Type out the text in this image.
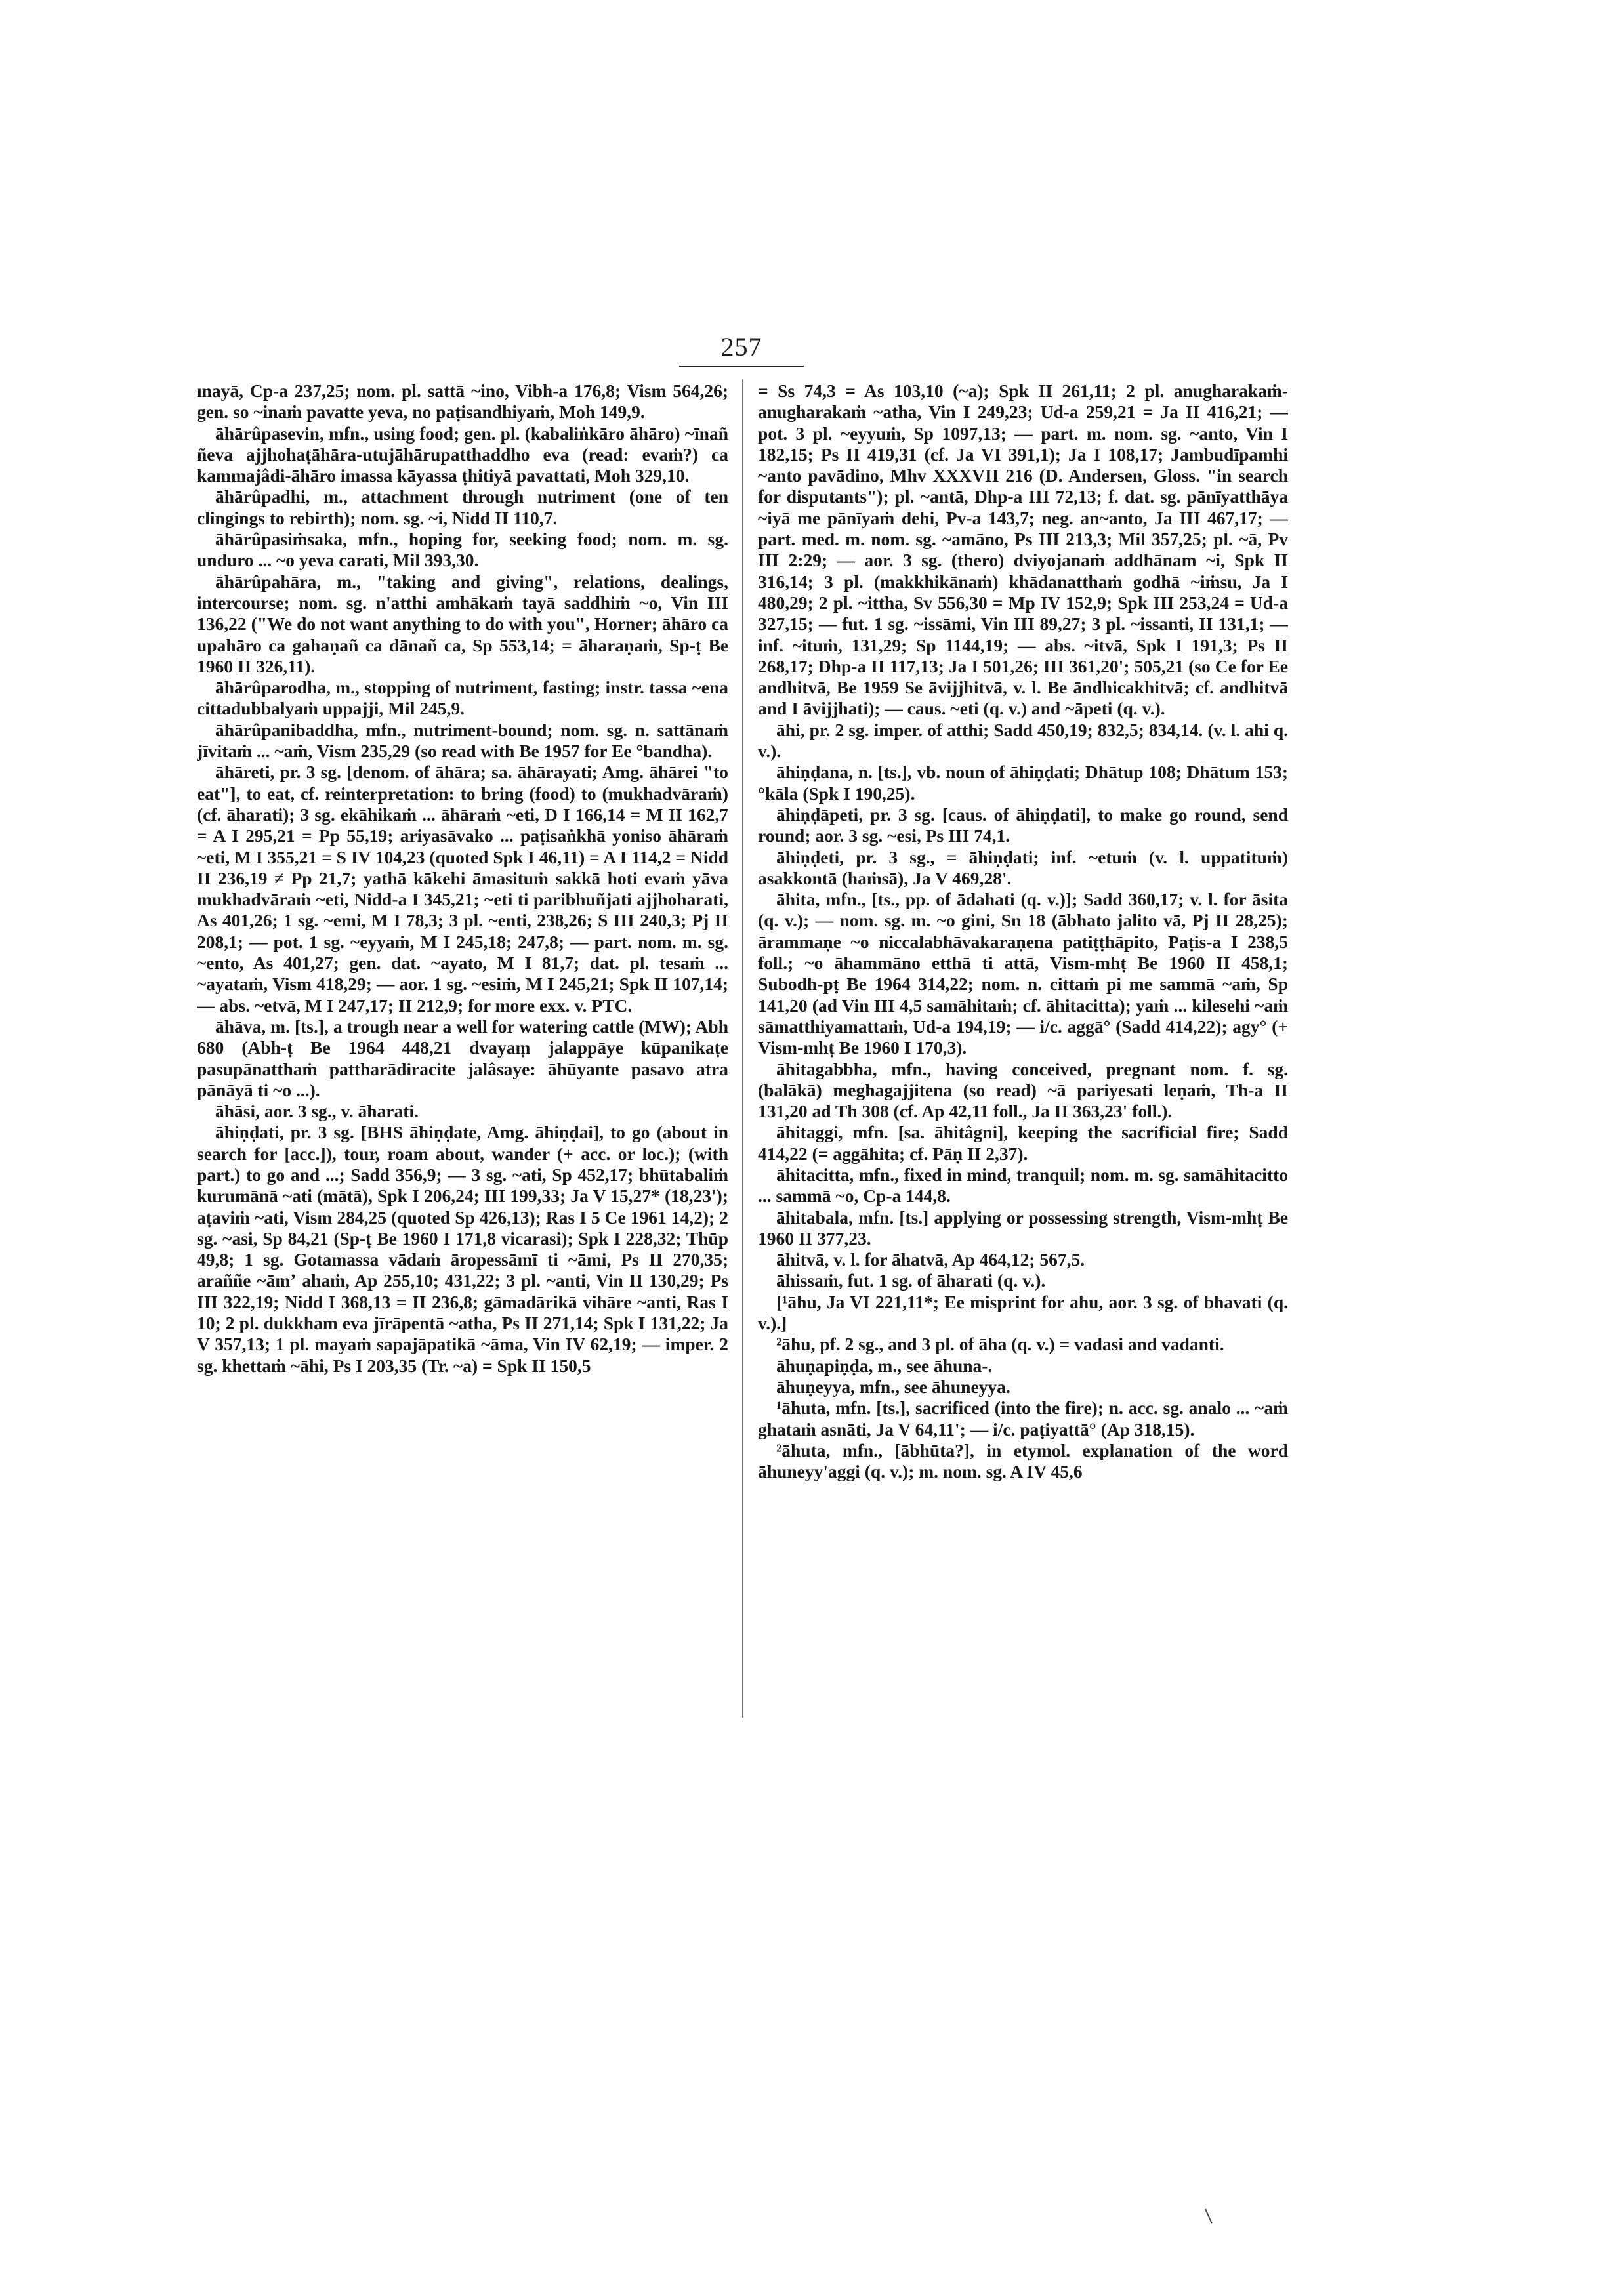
257

ınayā, Cp-a 237,25; nom. pl. sattā ~ino, Vibh-a 176,8; Vism 564,26; gen. so ~inaṁ pavatte yeva, no paṭisandhiyaṁ, Moh 149,9.

āhārûpasevin, mfn., using food; gen. pl. (kabaliṅkāro āhāro) ~īnañ ñeva ajjhohaṭāhāra-utujāhārupatthaddho eva (read: evaṁ?) ca kammajâdi-āhāro imassa kāyassa ṭhitiyā pavattati, Moh 329,10.

āhārûpadhi, m., attachment through nutriment (one of ten clingings to rebirth); nom. sg. ~i, Nidd II 110,7.

āhārûpasiṁsaka, mfn., hoping for, seeking food; nom. m. sg. unduro ... ~o yeva carati, Mil 393,30.

āhārûpahāra, m., "taking and giving", relations, dealings, intercourse; nom. sg. n'atthi amhākaṁ tayā saddhiṁ ~o, Vin III 136,22 ("We do not want anything to do with you", Horner; āhāro ca upahāro ca gahaṇañ ca dānañ ca, Sp 553,14; = āharaṇaṁ, Sp-ṭ Be 1960 II 326,11).

āhārûparodha, m., stopping of nutriment, fasting; instr. tassa ~ena cittadubbalyaṁ uppajji, Mil 245,9.

āhārûpanibaddha, mfn., nutriment-bound; nom. sg. n. sattānaṁ jīvitaṁ ... ~aṁ, Vism 235,29 (so read with Be 1957 for Ee °bandha).

āhāreti, pr. 3 sg. [denom. of āhāra; sa. āhārayati; Amg. āhārei "to eat"], to eat, cf. reinterpretation: to bring (food) to (mukhadvāraṁ) (cf. āharati); 3 sg. ekāhikaṁ ... āhāraṁ ~eti, D I 166,14 = M II 162,7 = A I 295,21 = Pp 55,19; ariyasāvako ... paṭisaṅkhā yoniso āhāraṁ ~eti, M I 355,21 = S IV 104,23 (quoted Spk I 46,11) = A I 114,2 = Nidd II 236,19 ≠ Pp 21,7; yathā kākehi āmasituṁ sakkā hoti evaṁ yāva mukhadvāraṁ ~eti, Nidd-a I 345,21; ~eti ti paribhuñjati ajjhoharati, As 401,26; 1 sg. ~emi, M I 78,3; 3 pl. ~enti, 238,26; S III 240,3; Pj II 208,1; — pot. 1 sg. ~eyyaṁ, M I 245,18; 247,8; — part. nom. m. sg. ~ento, As 401,27; gen. dat. ~ayato, M I 81,7; dat. pl. tesaṁ ... ~ayataṁ, Vism 418,29; — aor. 1 sg. ~esiṁ, M I 245,21; Spk II 107,14; — abs. ~etvā, M I 247,17; II 212,9; for more exx. v. PTC.

āhāva, m. [ts.], a trough near a well for watering cattle (MW); Abh 680 (Abh-ṭ Be 1964 448,21 dvayaṃ jalappāye kūpanikaṭe pasupānatthaṁ pattharādiracite jalâsaye: āhūyante pasavo atra pānāyā ti ~o ...).

āhāsi, aor. 3 sg., v. āharati.

āhiṇḍati, pr. 3 sg. [BHS āhiṇḍate, Amg. āhiṇḍai], to go (about in search for [acc.]), tour, roam about, wander (+ acc. or loc.); (with part.) to go and ...; Sadd 356,9; — 3 sg. ~ati, Sp 452,17; bhūtabaliṁ kurumānā ~ati (mātā), Spk I 206,24; III 199,33; Ja V 15,27* (18,23'); aṭaviṁ ~ati, Vism 284,25 (quoted Sp 426,13); Ras I 5 Ce 1961 14,2); 2 sg. ~asi, Sp 84,21 (Sp-ṭ Be 1960 I 171,8 vicarasi); Spk I 228,32; Thūp 49,8; 1 sg. Gotamassa vādaṁ āropessāmī ti ~āmi, Ps II 270,35; araññe ~āmʼ ahaṁ, Ap 255,10; 431,22; 3 pl. ~anti, Vin II 130,29; Ps III 322,19; Nidd I 368,13 = II 236,8; gāmadārikā vihāre ~anti, Ras I 10; 2 pl. dukkham eva jīrāpentā ~atha, Ps II 271,14; Spk I 131,22; Ja V 357,13; 1 pl. mayaṁ sapajāpatikā ~āma, Vin IV 62,19; — imper. 2 sg. khettaṁ ~āhi, Ps I 203,35 (Tr. ~a) = Spk II 150,5

= Ss 74,3 = As 103,10 (~a); Spk II 261,11; 2 pl. anugharakaṁ-anugharakaṁ ~atha, Vin I 249,23; Ud-a 259,21 = Ja II 416,21; — pot. 3 pl. ~eyyuṁ, Sp 1097,13; — part. m. nom. sg. ~anto, Vin I 182,15; Ps II 419,31 (cf. Ja VI 391,1); Ja I 108,17; Jambudīpamhi ~anto pavādino, Mhv XXXVII 216 (D. Andersen, Gloss. "in search for disputants"); pl. ~antā, Dhp-a III 72,13; f. dat. sg. pānīyatthāya ~iyā me pānīyaṁ dehi, Pv-a 143,7; neg. an~anto, Ja III 467,17; — part. med. m. nom. sg. ~amāno, Ps III 213,3; Mil 357,25; pl. ~ā, Pv III 2:29; — aor. 3 sg. (thero) dviyojanaṁ addhānam ~i, Spk II 316,14; 3 pl. (makkhikānaṁ) khādanatthaṁ godhā ~iṁsu, Ja I 480,29; 2 pl. ~ittha, Sv 556,30 = Mp IV 152,9; Spk III 253,24 = Ud-a 327,15; — fut. 1 sg. ~issāmi, Vin III 89,27; 3 pl. ~issanti, II 131,1; — inf. ~ituṁ, 131,29; Sp 1144,19; — abs. ~itvā, Spk I 191,3; Ps II 268,17; Dhp-a II 117,13; Ja I 501,26; III 361,20'; 505,21 (so Ce for Ee andhitvā, Be 1959 Se āvijjhitvā, v. l. Be āndhicakhitvā; cf. andhitvā and I āvijjhati); — caus. ~eti (q. v.) and ~āpeti (q. v.).

āhi, pr. 2 sg. imper. of atthi; Sadd 450,19; 832,5; 834,14. (v. l. ahi q. v.).

āhiṇḍana, n. [ts.], vb. noun of āhiṇḍati; Dhātup 108; Dhātum 153; °kāla (Spk I 190,25).

āhiṇḍāpeti, pr. 3 sg. [caus. of āhiṇḍati], to make go round, send round; aor. 3 sg. ~esi, Ps III 74,1.

āhiṇḍeti, pr. 3 sg., = āhiṇḍati; inf. ~etuṁ (v. l. uppatituṁ) asakkontā (haṁsā), Ja V 469,28'.

āhita, mfn., [ts., pp. of ādahati (q. v.)]; Sadd 360,17; v. l. for āsita (q. v.); — nom. sg. m. ~o gini, Sn 18 (ābhato jalito vā, Pj II 28,25); ārammaṇe ~o niccalabhāvakaraṇena patiṭṭhāpito, Paṭis-a I 238,5 foll.; ~o āhammāno etthā ti attā, Vism-mhṭ Be 1960 II 458,1; Subodh-pṭ Be 1964 314,22; nom. n. cittaṁ pi me sammā ~aṁ, Sp 141,20 (ad Vin III 4,5 samāhitaṁ; cf. āhitacitta); yaṁ ... kilesehi ~aṁ sāmatthiyamattaṁ, Ud-a 194,19; — i/c. aggā° (Sadd 414,22); agy° (+ Vism-mhṭ Be 1960 I 170,3).

āhitagabbha, mfn., having conceived, pregnant nom. f. sg. (balākā) meghagajjitena (so read) ~ā pariyesati leṇaṁ, Th-a II 131,20 ad Th 308 (cf. Ap 42,11 foll., Ja II 363,23' foll.).

āhitaggi, mfn. [sa. āhitâgni], keeping the sacrificial fire; Sadd 414,22 (= aggāhita; cf. Pāṇ II 2,37).

āhitacitta, mfn., fixed in mind, tranquil; nom. m. sg. samāhitacitto ... sammā ~o, Cp-a 144,8.

āhitabala, mfn. [ts.] applying or possessing strength, Vism-mhṭ Be 1960 II 377,23.

āhitvā, v. l. for āhatvā, Ap 464,12; 567,5.

āhissaṁ, fut. 1 sg. of āharati (q. v.).

[¹āhu, Ja VI 221,11*; Ee misprint for ahu, aor. 3 sg. of bhavati (q. v.).]

²āhu, pf. 2 sg., and 3 pl. of āha (q. v.) = vadasi and vadanti.

āhuṇapiṇḍa, m., see āhuna-.

āhuṇeyya, mfn., see āhuneyya.

¹āhuta, mfn. [ts.], sacrificed (into the fire); n. acc. sg. analo ... ~aṁ ghataṁ asnāti, Ja V 64,11'; — i/c. paṭiyattā° (Ap 318,15).

²āhuta, mfn., [ābhūta?], in etymol. explanation of the word āhuneyy'aggi (q. v.); m. nom. sg. A IV 45,6
